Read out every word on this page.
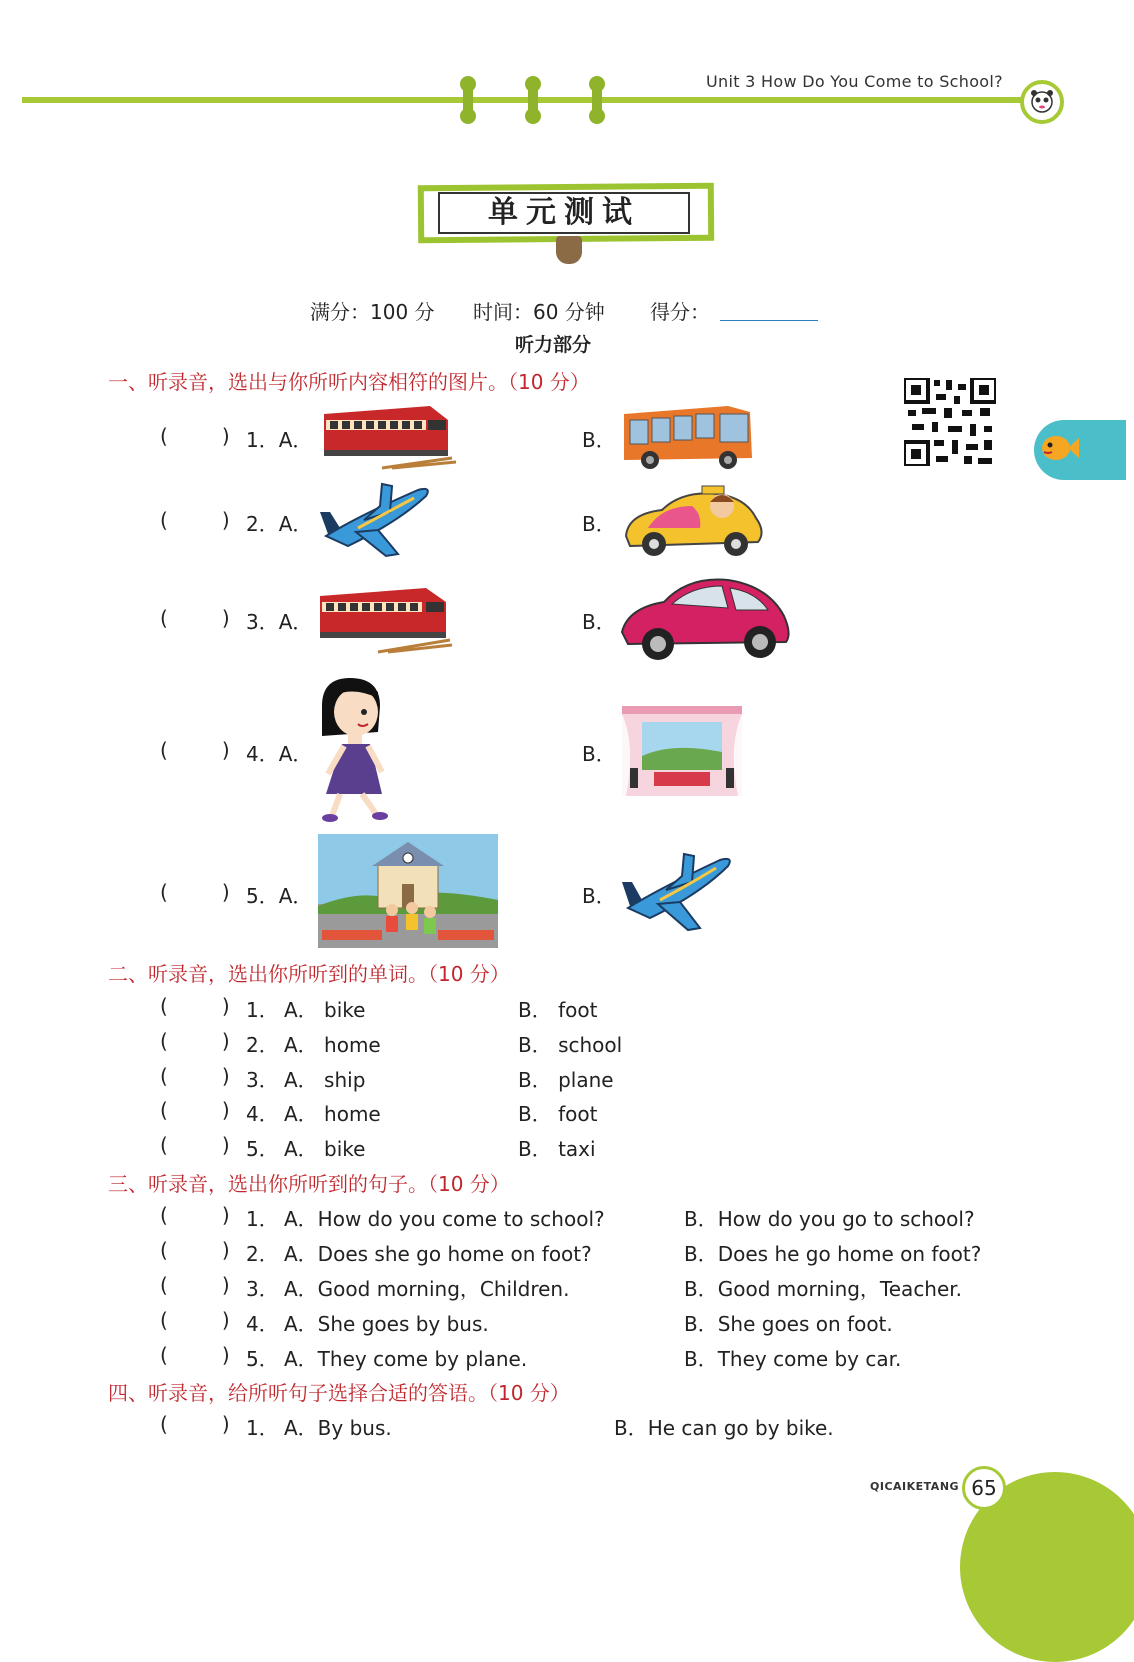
Unit 3 How Do You Come to School?
单元测试
满分：100 分 时间：60 分钟 得分：
听力部分
一、听录音，选出与你所听内容相符的图片。（10 分）
(	) 1．A．	B．
(	) 2．A．	B．
(	) 3．A．	B．
(	) 4．A．	B．
(	) 5．A．	B．
二、听录音，选出你所听到的单词。（10 分）
(	) 1． A． bike	B． foot
(	) 2． A． home	B． school
(	) 3． A． ship	B． plane
(	) 4． A． home	B． foot
(	) 5． A． bike	B． taxi
三、听录音，选出你所听到的句子。（10 分）
(	) 1． A．How do you come to school?	B．How do you go to school?
(	) 2． A．Does she go home on foot?	B．Does he go home on foot?
(	) 3． A．Good morning，Children.	B．Good morning，Teacher.
(	) 4． A．She goes by bus.	B．She goes on foot.
(	) 5． A．They come by plane.	B．They come by car.
四、听录音，给所听句子选择合适的答语。（10 分）
(	) 1． A．By bus.	B．He can go by bike.
QICAIKETANG 65
